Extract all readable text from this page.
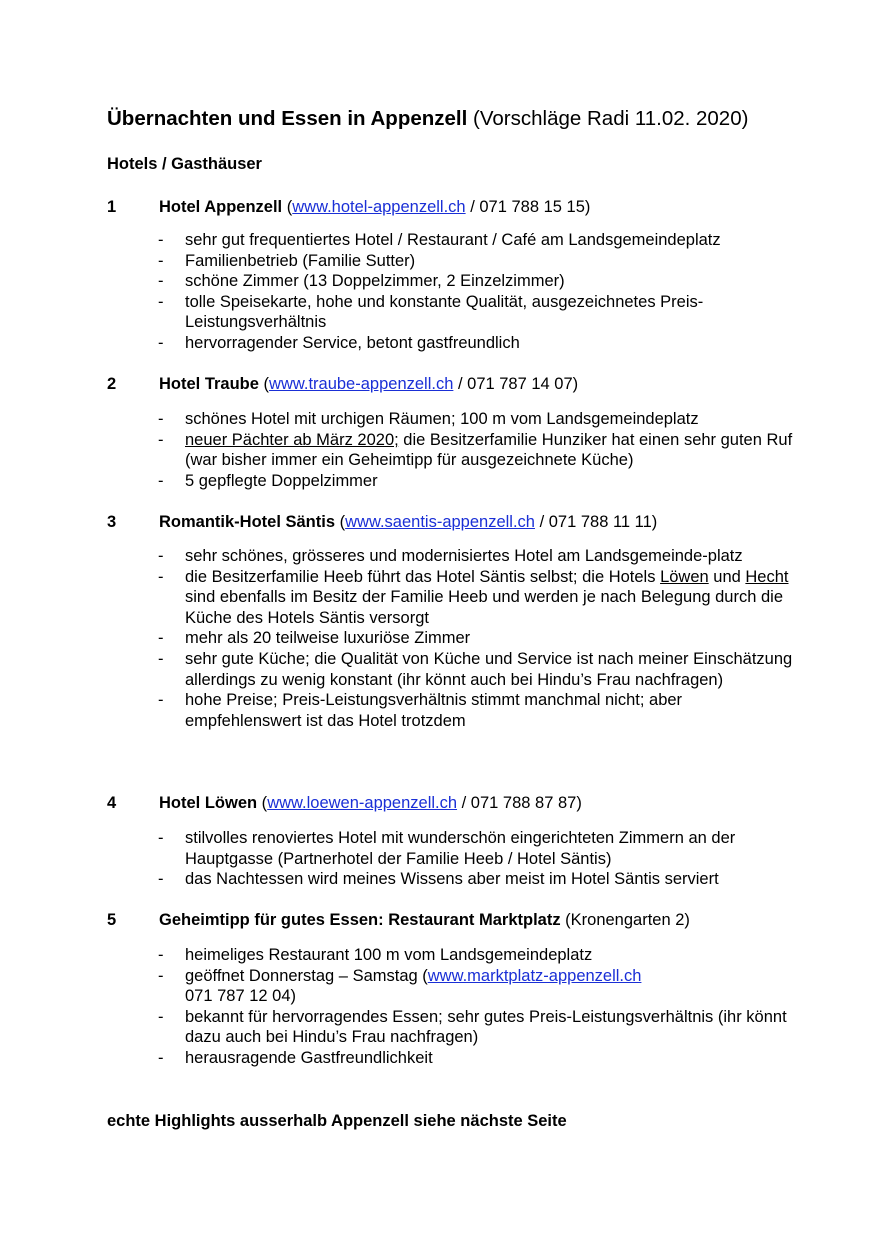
Übernachten und Essen in Appenzell (Vorschläge Radi 11.02. 2020)
Hotels / Gasthäuser
1	Hotel Appenzell (www.hotel-appenzell.ch / 071 788 15 15)
- sehr gut frequentiertes Hotel / Restaurant / Café am Landsgemeindeplatz
- Familienbetrieb (Familie Sutter)
- schöne Zimmer (13 Doppelzimmer, 2 Einzelzimmer)
- tolle Speisekarte, hohe und konstante Qualität, ausgezeichnetes Preis-Leistungsverhältnis
- hervorragender Service, betont gastfreundlich
2	Hotel Traube (www.traube-appenzell.ch / 071 787 14 07)
- schönes Hotel mit urchigen Räumen; 100 m vom Landsgemeindeplatz
- neuer Pächter ab März 2020; die Besitzerfamilie Hunziker hat einen sehr guten Ruf (war bisher immer ein Geheimtipp für ausgezeichnete Küche)
- 5 gepflegte Doppelzimmer
3	Romantik-Hotel Säntis (www.saentis-appenzell.ch / 071 788 11 11)
- sehr schönes, grösseres und modernisiertes Hotel am Landsgemeinde-platz
- die Besitzerfamilie Heeb führt das Hotel Säntis selbst; die Hotels Löwen und Hecht sind ebenfalls im Besitz der Familie Heeb und werden je nach Belegung durch die Küche des Hotels Säntis versorgt
- mehr als 20 teilweise luxuriöse Zimmer
- sehr gute Küche; die Qualität von Küche und Service ist nach meiner Einschätzung allerdings zu wenig konstant (ihr könnt auch bei Hindu’s Frau nachfragen)
- hohe Preise; Preis-Leistungsverhältnis stimmt manchmal nicht; aber empfehlenswert ist das Hotel trotzdem
4	Hotel Löwen (www.loewen-appenzell.ch / 071 788 87 87)
- stilvolles renoviertes Hotel mit wunderschön eingerichteten Zimmern an der Hauptgasse (Partnerhotel der Familie Heeb / Hotel Säntis)
- das Nachtessen wird meines Wissens aber meist im Hotel Säntis serviert
5	Geheimtipp für gutes Essen: Restaurant Marktplatz (Kronengarten 2)
- heimeliges Restaurant 100 m vom Landsgemeindeplatz
- geöffnet Donnerstag – Samstag (www.marktplatz-appenzell.ch
071 787 12 04)
- bekannt für hervorragendes Essen; sehr gutes Preis-Leistungsverhältnis (ihr könnt dazu auch bei Hindu’s Frau nachfragen)
- herausragende Gastfreundlichkeit
echte Highlights ausserhalb Appenzell siehe nächste Seite
